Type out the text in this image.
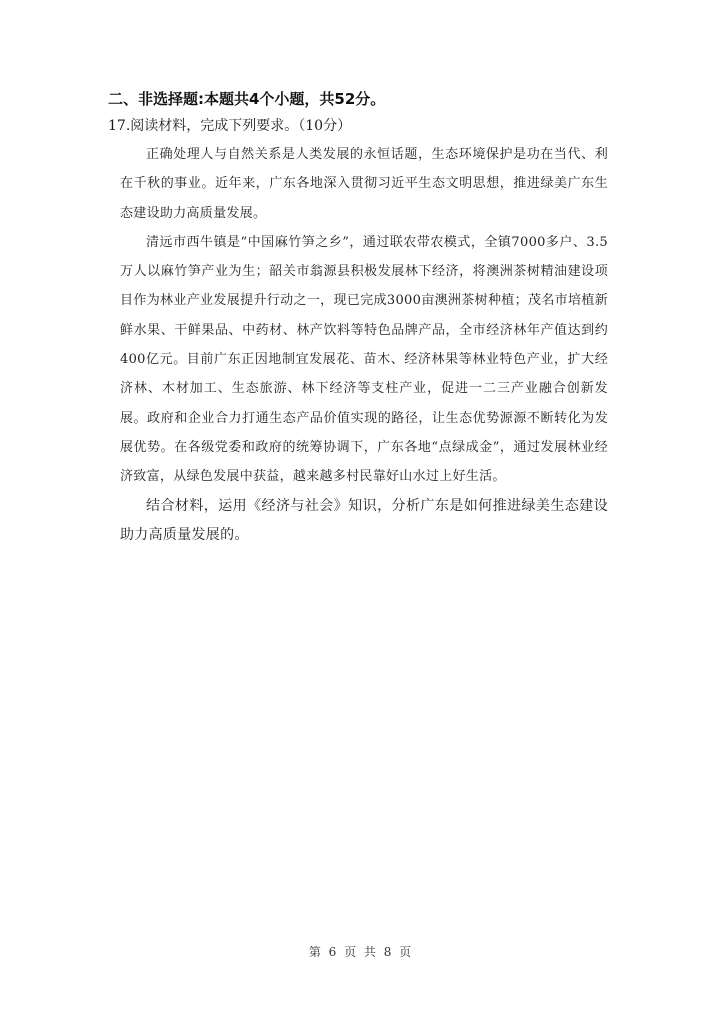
二、非选择题:本题共4个小题，共52分。
17.阅读材料，完成下列要求。（10分）

正确处理人与自然关系是人类发展的永恒话题，生态环境保护是功在当代、利在千秋的事业。近年来，广东各地深入贯彻习近平生态文明思想，推进绿美广东生态建设助力高质量发展。

清远市西牛镇是“中国麻竹笋之乡”，通过联农带农模式，全镇7000多户、3.5万人以麻竹笋产业为生；韶关市翁源县积极发展林下经济，将澳洲茶树精油建设项目作为林业产业发展提升行动之一，现已完成3000亩澳洲茶树种植；茂名市培植新鲜水果、干鲜果品、中药材、林产饮料等特色品牌产品，全市经济林年产值达到约400亿元。目前广东正因地制宜发展花、苗木、经济林果等林业特色产业，扩大经济林、木材加工、生态旅游、林下经济等支柱产业，促进一二三产业融合创新发展。政府和企业合力打通生态产品价值实现的路径，让生态优势源源不断转化为发展优势。在各级党委和政府的统筹协调下，广东各地“点绿成金”，通过发展林业经济致富，从绿色发展中获益，越来越多村民靠好山水过上好生活。

结合材料，运用《经济与社会》知识，分析广东是如何推进绿美生态建设助力高质量发展的。

第 6 页 共 8 页
